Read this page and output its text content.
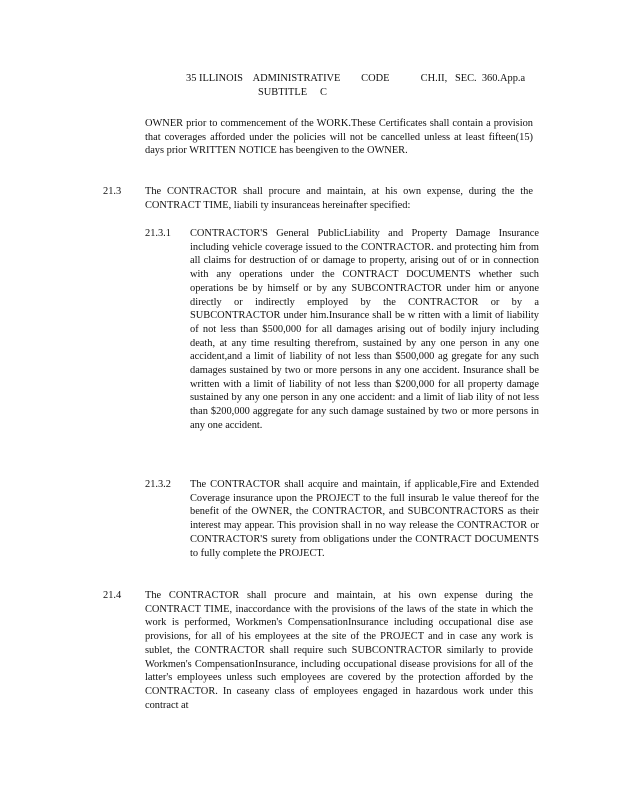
35 ILLINOIS    ADMINISTRATIVE        CODE            CH.II,   SEC.  360.App.a
SUBTITLE     C

OWNER prior to commencement of the WORK.These Certificates shall contain a provision that coverages afforded under the policies will not be cancelled unless at least fifteen(15) days prior WRITTEN NOTICE has beengiven to the OWNER.

21.3 The CONTRACTOR shall procure and maintain, at his own expense, during the the CONTRACT TIME, liabili ty insuranceas hereinafter specified:

21.3.1 CONTRACTOR'S General PublicLiability and Property Damage Insurance including vehicle coverage issued to the CONTRACTOR. and protecting him from all claims for destruction of or damage to property, arising out of or in connection with any operations under the CONTRACT DOCUMENTS whether such operations be by himself or by any SUBCONTRACTOR under him or anyone directly or indirectly employed by the CONTRACTOR or by a SUBCONTRACTOR under him.Insurance shall be w ritten with a limit of liability of not less than $500,000 for all damages arising out of bodily injury including death, at any time resulting therefrom, sustained by any one person in any one accident,and a limit of liability of not less than $500,000 ag gregate for any such damages sustained by two or more persons in any one accident. Insurance shall be written with a limit of liability of not less than $200,000 for all property damage sustained by any one person in any one accident: and a limit of liab ility of not less than $200,000 aggregate for any such damage sustained by two or more persons in any one accident.

21.3.2 The CONTRACTOR shall acquire and maintain, if applicable,Fire and Extended Coverage insurance upon the PROJECT to the full insurab le value thereof for the benefit of the OWNER, the CONTRACTOR, and SUBCONTRACTORS as their interest may appear. This provision shall in no way release the CONTRACTOR or CONTRACTOR'S surety from obligations under the CONTRACT DOCUMENTS to fully complete the PROJECT.

21.4 The CONTRACTOR shall procure and maintain, at his own expense during the CONTRACT TIME, inaccordance with the provisions of the laws of the state in which the work is performed, Workmen's CompensationInsurance including occupational dise ase provisions, for all of his employees at the site of the PROJECT and in case any work is sublet, the CONTRACTOR shall require such SUBCONTRACTOR similarly to provide Workmen's CompensationInsurance, including occupational disease provisions for all of the latter's employees unless such employees are covered by the protection afforded by the CONTRACTOR. In caseany class of employees engaged in hazardous work under this contract at
